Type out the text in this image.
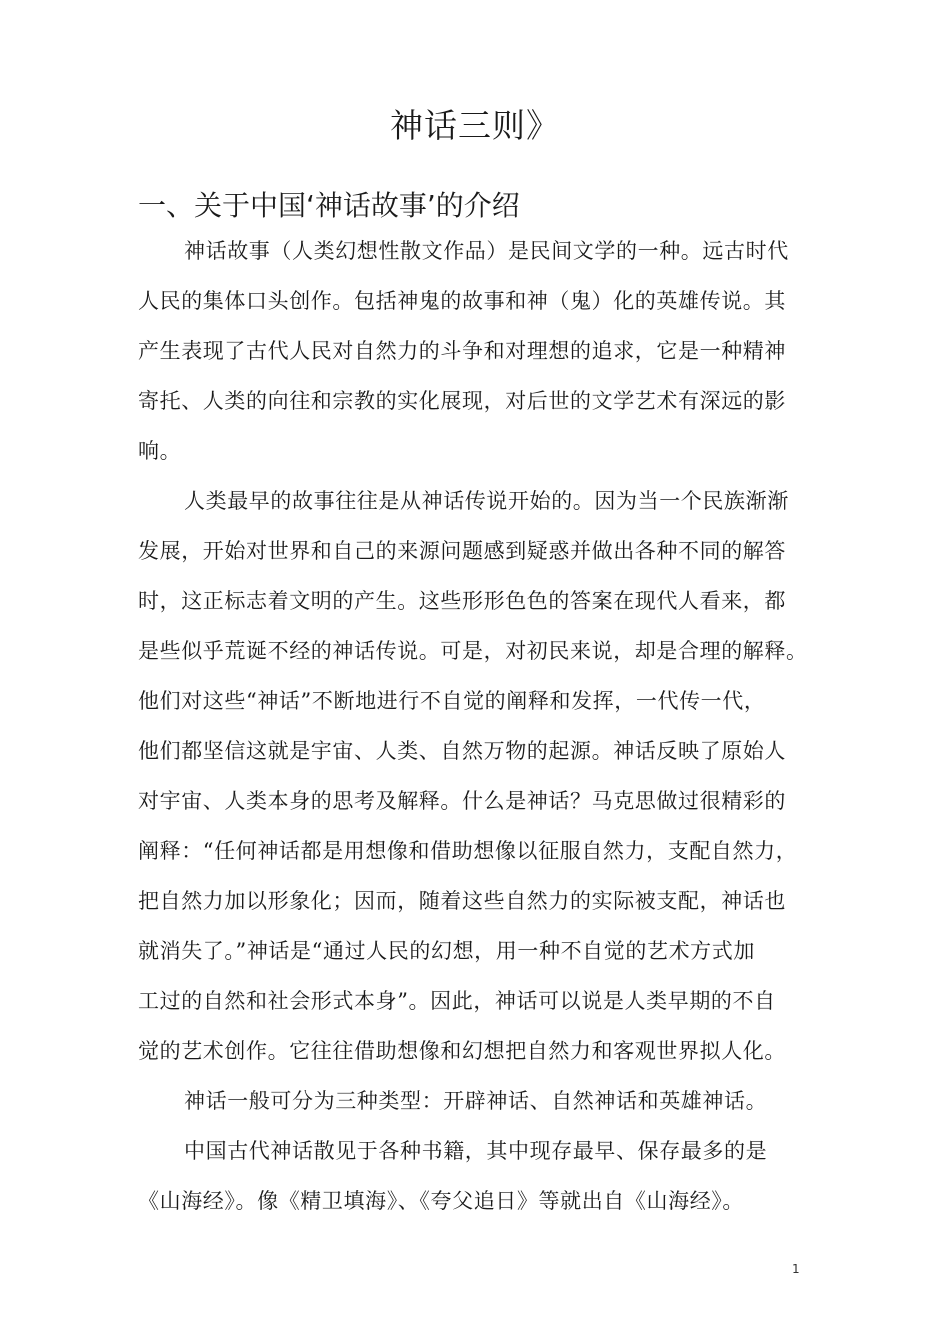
神话三则》
一、关于中国‘神话故事’的介绍
神话故事（人类幻想性散文作品）是民间文学的一种。远古时代
人民的集体口头创作。包括神鬼的故事和神（鬼）化的英雄传说。其
产生表现了古代人民对自然力的斗争和对理想的追求，它是一种精神
寄托、人类的向往和宗教的实化展现，对后世的文学艺术有深远的影
响。
人类最早的故事往往是从神话传说开始的。因为当一个民族渐渐
发展，开始对世界和自己的来源问题感到疑惑并做出各种不同的解答
时，这正标志着文明的产生。这些形形色色的答案在现代人看来，都
是些似乎荒诞不经的神话传说。可是，对初民来说，却是合理的解释。
他们对这些“神话”不断地进行不自觉的阐释和发挥，一代传一代，
他们都坚信这就是宇宙、人类、自然万物的起源。神话反映了原始人
对宇宙、人类本身的思考及解释。什么是神话？马克思做过很精彩的
阐释：“任何神话都是用想像和借助想像以征服自然力，支配自然力，
把自然力加以形象化；因而，随着这些自然力的实际被支配，神话也
就消失了。”神话是“通过人民的幻想，用一种不自觉的艺术方式加
工过的自然和社会形式本身”。因此，神话可以说是人类早期的不自
觉的艺术创作。它往往借助想像和幻想把自然力和客观世界拟人化。
神话一般可分为三种类型：开辟神话、自然神话和英雄神话。
中国古代神话散见于各种书籍，其中现存最早、保存最多的是
《山海经》。像《精卫填海》、《夸父追日》等就出自《山海经》。
1
